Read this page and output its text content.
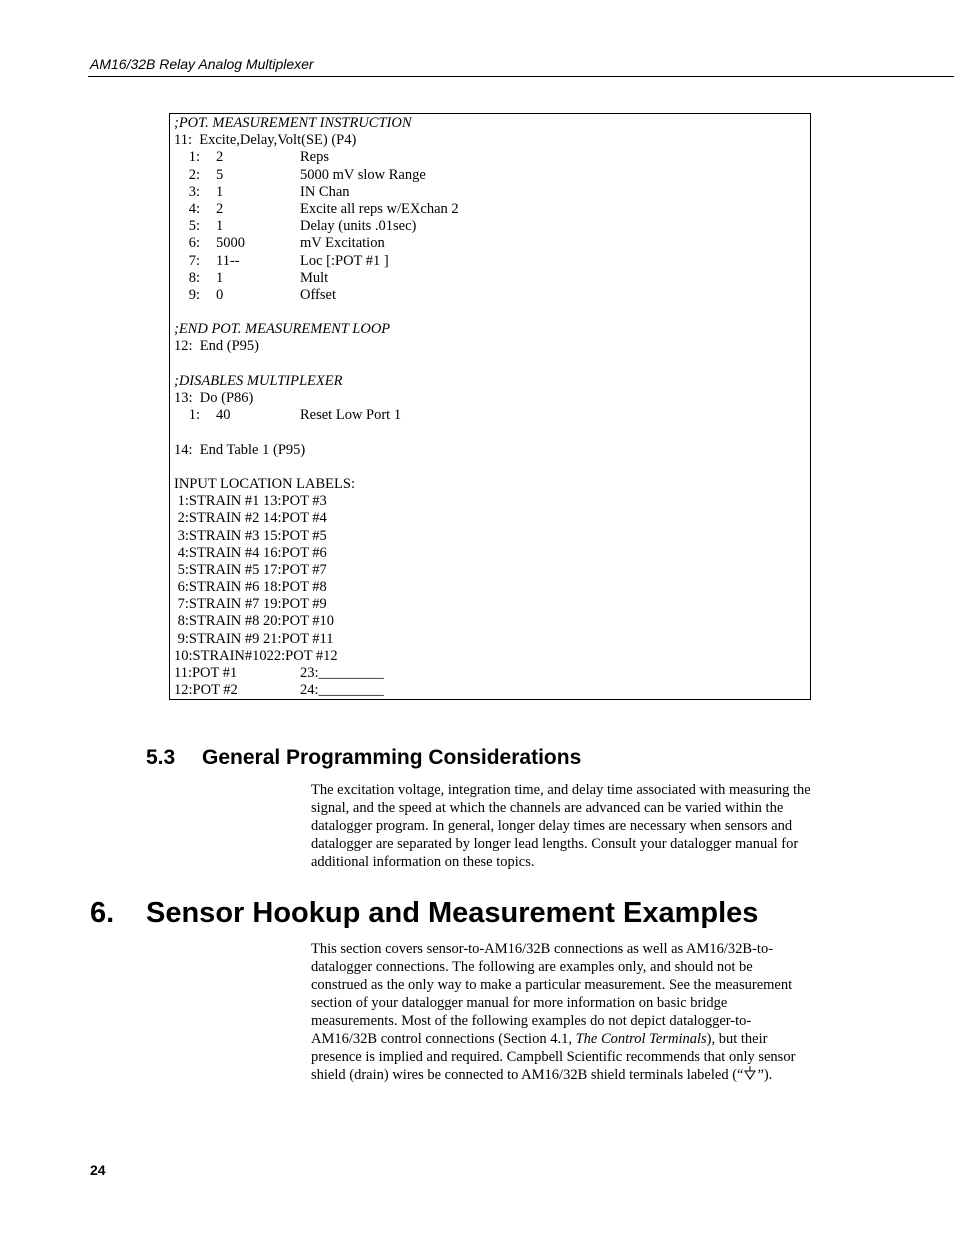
AM16/32B Relay Analog Multiplexer
;POT. MEASUREMENT INSTRUCTION
11:  Excite,Delay,Volt(SE) (P4)
1: 2	Reps
2: 5	5000 mV slow Range
3: 1	IN Chan
4: 2	Excite all reps w/EXchan 2
5: 1	Delay (units .01sec)
6: 5000	mV Excitation
7: 11--	Loc [:POT #1 ]
8: 1	Mult
9: 0	Offset
;END POT. MEASUREMENT LOOP
12:  End (P95)
;DISABLES MULTIPLEXER
13:  Do (P86)
1: 40	Reset Low Port 1
14:  End Table 1 (P95)
INPUT LOCATION LABELS:
1:STRAIN #1 13:POT #3
2:STRAIN #2 14:POT #4
3:STRAIN #3 15:POT #5
4:STRAIN #4 16:POT #6
5:STRAIN #5 17:POT #7
6:STRAIN #6 18:POT #8
7:STRAIN #7 19:POT #9
8:STRAIN #8 20:POT #10
9:STRAIN #9 21:POT #11
10:STRAIN#1022:POT #12
11:POT #1	23:_________
12:POT #2	24:_________
5.3 General Programming Considerations
The excitation voltage, integration time, and delay time associated with measuring the signal, and the speed at which the channels are advanced can be varied within the datalogger program. In general, longer delay times are necessary when sensors and datalogger are separated by longer lead lengths. Consult your datalogger manual for additional information on these topics.
6. Sensor Hookup and Measurement Examples
This section covers sensor-to-AM16/32B connections as well as AM16/32B-to-datalogger connections. The following are examples only, and should not be construed as the only way to make a particular measurement. See the measurement section of your datalogger manual for more information on basic bridge measurements. Most of the following examples do not depict datalogger-to-AM16/32B control connections (Section 4.1, The Control Terminals), but their presence is implied and required. Campbell Scientific recommends that only sensor shield (drain) wires be connected to AM16/32B shield terminals labeled (“ ”).
24
